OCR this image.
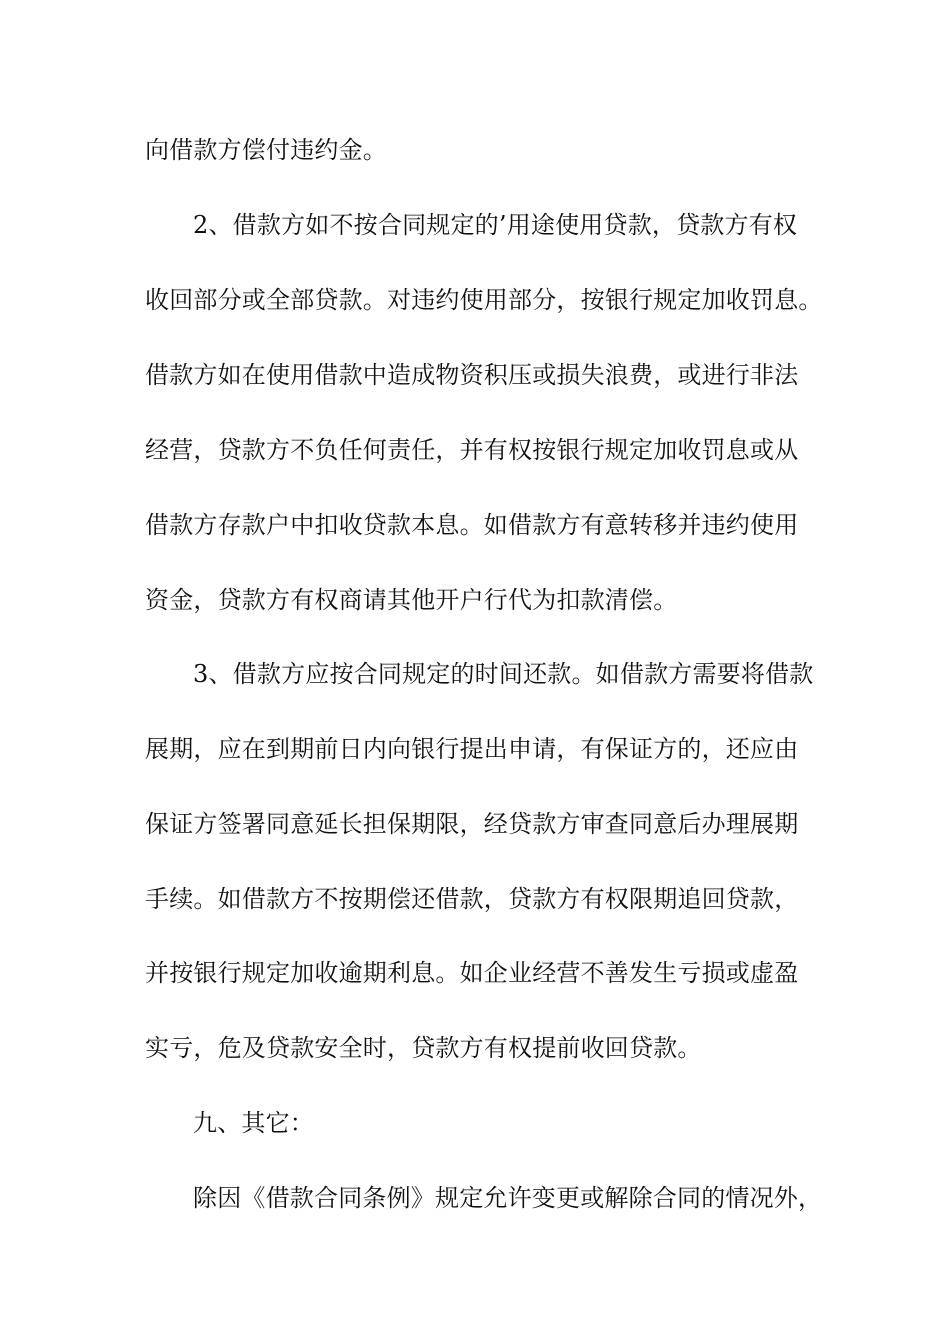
向借款方偿付违约金。

2、借款方如不按合同规定的’用途使用贷款，贷款方有权

收回部分或全部贷款。对违约使用部分，按银行规定加收罚息。

借款方如在使用借款中造成物资积压或损失浪费，或进行非法

经营，贷款方不负任何责任，并有权按银行规定加收罚息或从

借款方存款户中扣收贷款本息。如借款方有意转移并违约使用

资金，贷款方有权商请其他开户行代为扣款清偿。

3、借款方应按合同规定的时间还款。如借款方需要将借款

展期，应在到期前日内向银行提出申请，有保证方的，还应由

保证方签署同意延长担保期限，经贷款方审查同意后办理展期

手续。如借款方不按期偿还借款，贷款方有权限期追回贷款，

并按银行规定加收逾期利息。如企业经营不善发生亏损或虚盈

实亏，危及贷款安全时，贷款方有权提前收回贷款。

九、其它：

除因《借款合同条例》规定允许变更或解除合同的情况外，
